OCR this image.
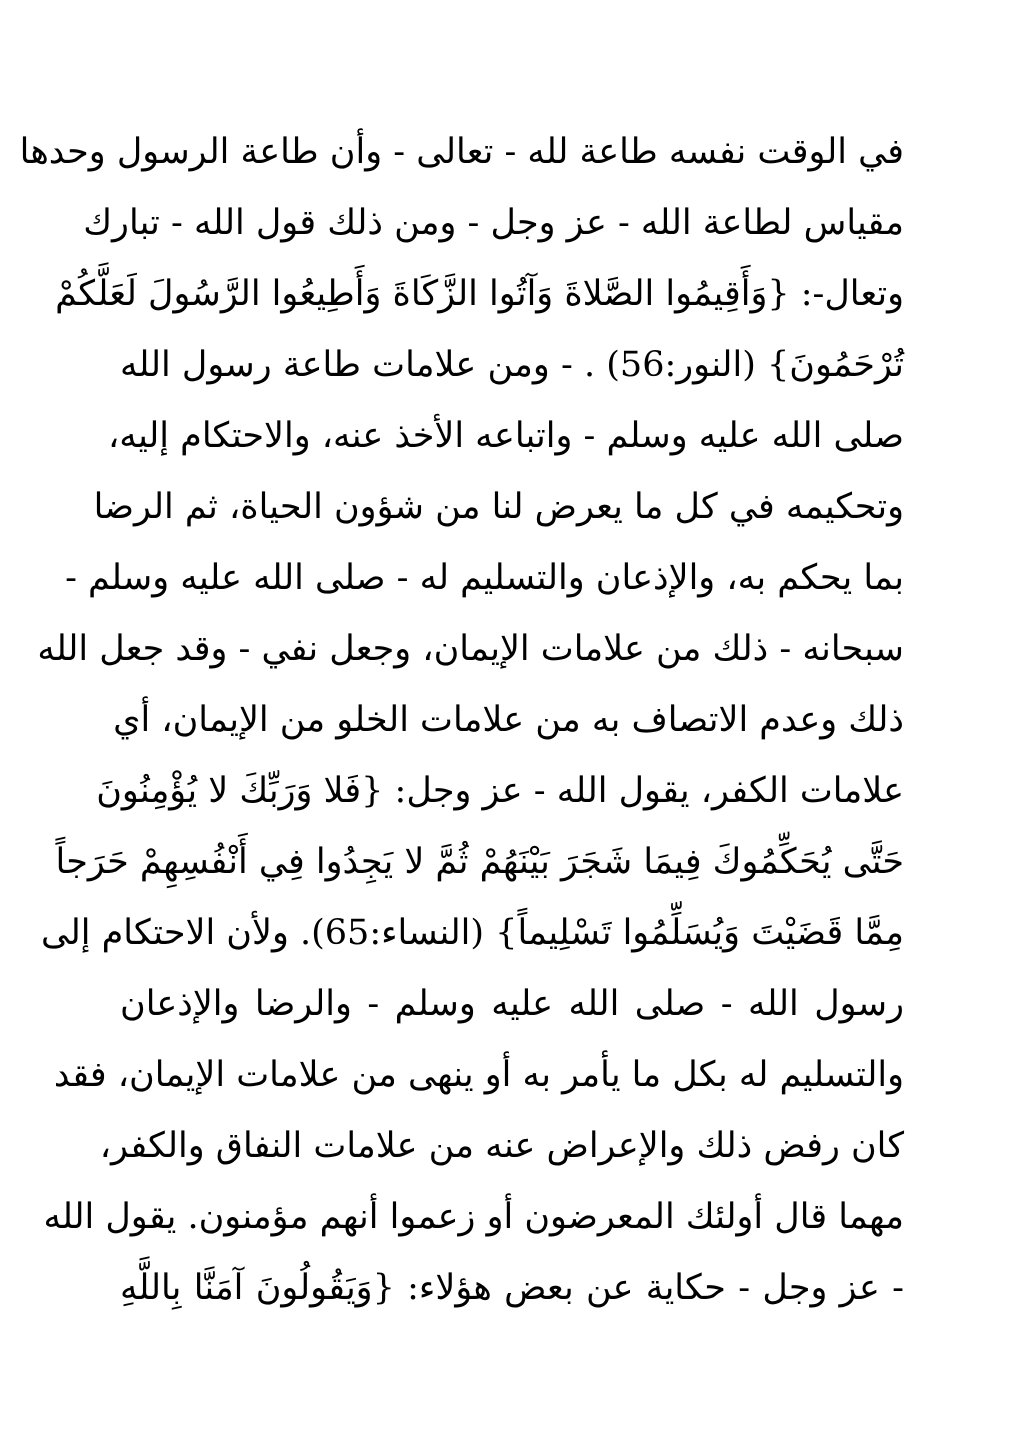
في الوقت نفسه طاعة لله - تعالى - وأن طاعة الرسول وحدها
مقياس لطاعة الله - عز وجل - ومن ذلك قول الله - تبارك
وتعال-: {وَأَقِيمُوا الصَّلاةَ وَآتُوا الزَّكَاةَ وَأَطِيعُوا الرَّسُولَ لَعَلَّكُمْ
تُرْحَمُونَ} (النور:56) . - ومن علامات طاعة رسول الله
صلى الله عليه وسلم - واتباعه الأخذ عنه، والاحتكام إليه،
وتحكيمه في كل ما يعرض لنا من شؤون الحياة، ثم الرضا
بما يحكم به، والإذعان والتسليم له - صلى الله عليه وسلم -
سبحانه - ذلك من علامات الإيمان، وجعل نفي - وقد جعل الله
ذلك وعدم الاتصاف به من علامات الخلو من الإيمان، أي
علامات الكفر، يقول الله - عز وجل: {فَلا وَرَبِّكَ لا يُؤْمِنُونَ
حَتَّى يُحَكِّمُوكَ فِيمَا شَجَرَ بَيْنَهُمْ ثُمَّ لا يَجِدُوا فِي أَنْفُسِهِمْ حَرَجاً
مِمَّا قَضَيْتَ وَيُسَلِّمُوا تَسْلِيماً} (النساء:65). ولأن الاحتكام إلى
رسول الله - صلى الله عليه وسلم - والرضا والإذعان
والتسليم له بكل ما يأمر به أو ينهى من علامات الإيمان، فقد
كان رفض ذلك والإعراض عنه من علامات النفاق والكفر،
مهما قال أولئك المعرضون أو زعموا أنهم مؤمنون. يقول الله
- عز وجل - حكاية عن بعض هؤلاء: {وَيَقُولُونَ آمَنَّا بِاللَّهِ
